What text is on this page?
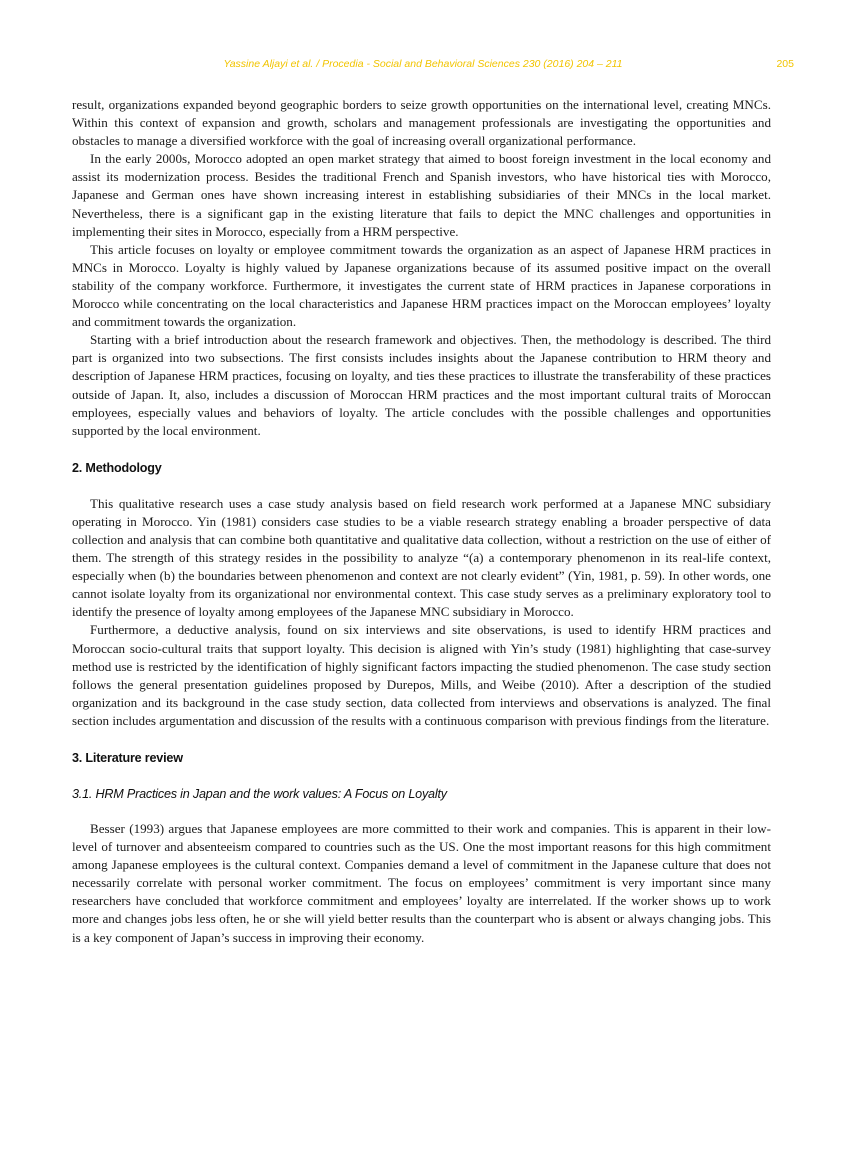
Yassine Aljayi et al. / Procedia - Social and Behavioral Sciences 230 (2016) 204 – 211	205

result, organizations expanded beyond geographic borders to seize growth opportunities on the international level, creating MNCs. Within this context of expansion and growth, scholars and management professionals are investigating the opportunities and obstacles to manage a diversified workforce with the goal of increasing overall organizational performance.

In the early 2000s, Morocco adopted an open market strategy that aimed to boost foreign investment in the local economy and assist its modernization process. Besides the traditional French and Spanish investors, who have historical ties with Morocco, Japanese and German ones have shown increasing interest in establishing subsidiaries of their MNCs in the local market. Nevertheless, there is a significant gap in the existing literature that fails to depict the MNC challenges and opportunities in implementing their sites in Morocco, especially from a HRM perspective.

This article focuses on loyalty or employee commitment towards the organization as an aspect of Japanese HRM practices in MNCs in Morocco. Loyalty is highly valued by Japanese organizations because of its assumed positive impact on the overall stability of the company workforce. Furthermore, it investigates the current state of HRM practices in Japanese corporations in Morocco while concentrating on the local characteristics and Japanese HRM practices impact on the Moroccan employees’ loyalty and commitment towards the organization.

Starting with a brief introduction about the research framework and objectives. Then, the methodology is described. The third part is organized into two subsections. The first consists includes insights about the Japanese contribution to HRM theory and description of Japanese HRM practices, focusing on loyalty, and ties these practices to illustrate the transferability of these practices outside of Japan. It, also, includes a discussion of Moroccan HRM practices and the most important cultural traits of Moroccan employees, especially values and behaviors of loyalty. The article concludes with the possible challenges and opportunities supported by the local environment.

2. Methodology

This qualitative research uses a case study analysis based on field research work performed at a Japanese MNC subsidiary operating in Morocco. Yin (1981) considers case studies to be a viable research strategy enabling a broader perspective of data collection and analysis that can combine both quantitative and qualitative data collection, without a restriction on the use of either of them. The strength of this strategy resides in the possibility to analyze “(a) a contemporary phenomenon in its real-life context, especially when (b) the boundaries between phenomenon and context are not clearly evident” (Yin, 1981, p. 59). In other words, one cannot isolate loyalty from its organizational nor environmental context. This case study serves as a preliminary exploratory tool to identify the presence of loyalty among employees of the Japanese MNC subsidiary in Morocco.

Furthermore, a deductive analysis, found on six interviews and site observations, is used to identify HRM practices and Moroccan socio-cultural traits that support loyalty. This decision is aligned with Yin’s study (1981) highlighting that case-survey method use is restricted by the identification of highly significant factors impacting the studied phenomenon. The case study section follows the general presentation guidelines proposed by Durepos, Mills, and Weibe (2010). After a description of the studied organization and its background in the case study section, data collected from interviews and observations is analyzed. The final section includes argumentation and discussion of the results with a continuous comparison with previous findings from the literature.

3. Literature review
3.1. HRM Practices in Japan and the work values: A Focus on Loyalty

Besser (1993) argues that Japanese employees are more committed to their work and companies. This is apparent in their low-level of turnover and absenteeism compared to countries such as the US. One the most important reasons for this high commitment among Japanese employees is the cultural context. Companies demand a level of commitment in the Japanese culture that does not necessarily correlate with personal worker commitment. The focus on employees’ commitment is very important since many researchers have concluded that workforce commitment and employees’ loyalty are interrelated. If the worker shows up to work more and changes jobs less often, he or she will yield better results than the counterpart who is absent or always changing jobs. This is a key component of Japan’s success in improving their economy.
